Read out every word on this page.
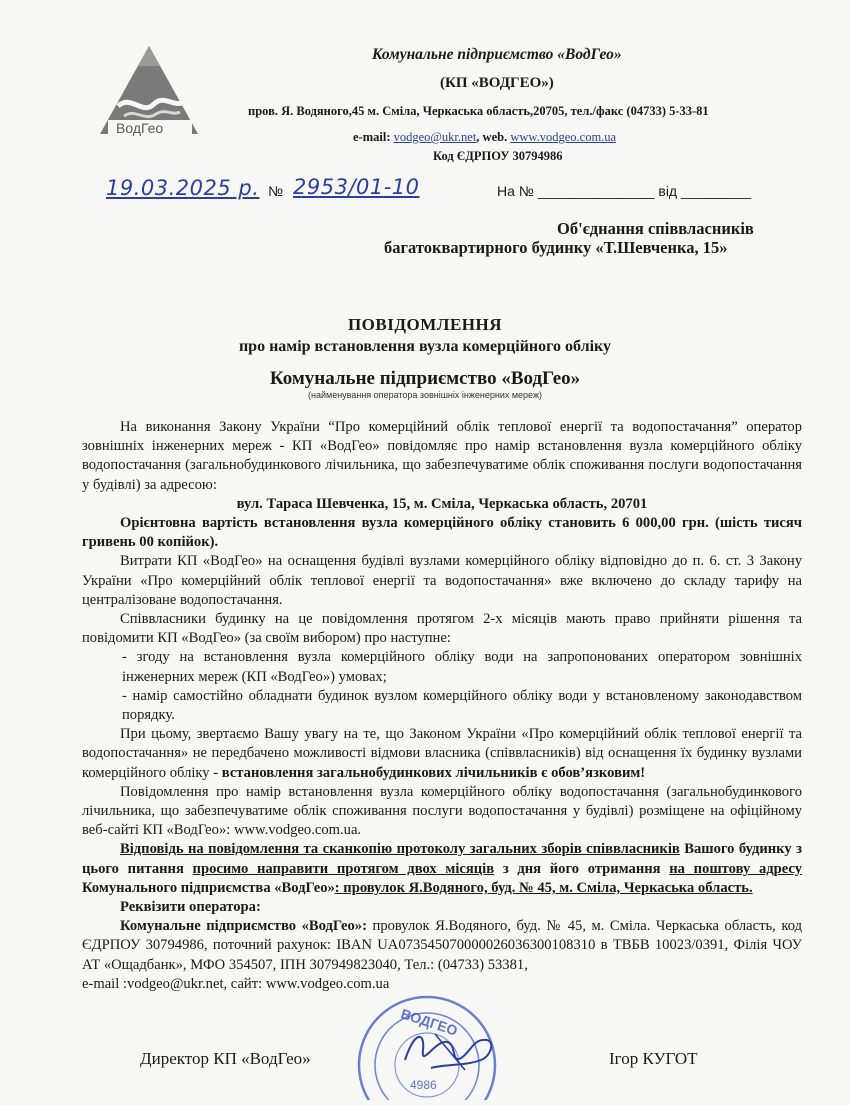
ВодГео
Комунальне підприємство «ВодГео»
(КП «ВОДГЕО»)
пров. Я. Водяного,45 м. Сміла, Черкаська область,20705, тел./факс (04733) 5-33-81
e-mail: vodgeo@ukr.net, web. www.vodgeo.com.ua
Код ЄДРПОУ 30794986
19.03.2025 р. № 2953/01-10	На № _______________ від _________
Об'єднання співвласників
багатоквартирного будинку «Т.Шевченка, 15»
ПОВІДОМЛЕННЯ
про намір встановлення вузла комерційного обліку
Комунальне підприємство «ВодГео»
(найменування оператора зовнішніх інженерних мереж)

На виконання Закону України “Про комерційний облік теплової енергії та водопостачання” оператор зовнішніх інженерних мереж - КП «ВодГео» повідомляє про намір встановлення вузла комерційного обліку водопостачання (загальнобудинкового лічильника, що забезпечуватиме облік споживання послуги водопостачання у будівлі) за адресою:

вул. Тараса Шевченка, 15, м. Сміла, Черкаська область, 20701

Орієнтовна вартість встановлення вузла комерційного обліку становить 6 000,00 грн. (шість тисяч гривень 00 копійок).

Витрати КП «ВодГео» на оснащення будівлі вузлами комерційного обліку відповідно до п. 6. ст. 3 Закону України «Про комерційний облік теплової енергії та водопостачання» вже включено до складу тарифу на централізоване водопостачання.

Співвласники будинку на це повідомлення протягом 2-х місяців мають право прийняти рішення та повідомити КП «ВодГео» (за своїм вибором) про наступне:

- згоду на встановлення вузла комерційного обліку води на запропонованих оператором зовнішніх інженерних мереж (КП «ВодГео») умовах;

- намір самостійно обладнати будинок вузлом комерційного обліку води у встановленому законодавством порядку.

При цьому, звертаємо Вашу увагу на те, що Законом України «Про комерційний облік теплової енергії та водопостачання» не передбачено можливості відмови власника (співвласників) від оснащення їх будинку вузлами комерційного обліку - встановлення загальнобудинкових лічильників є обов’язковим!

Повідомлення про намір встановлення вузла комерційного обліку водопостачання (загальнобудинкового лічильника, що забезпечуватиме облік споживання послуги водопостачання у будівлі) розміщене на офіційному веб-сайті КП «ВодГео»: www.vodgeo.com.ua.

Відповідь на повідомлення та сканкопію протоколу загальних зборів співвласників Вашого будинку з цього питання просимо направити протягом двох місяців з дня його отримання на поштову адресу Комунального підприємства «ВодГео»: провулок Я.Водяного, буд. № 45, м. Сміла, Черкаська область.

Реквізити оператора:

Комунальне підприємство «ВодГео»: провулок Я.Водяного, буд. № 45, м. Сміла. Черкаська область, код ЄДРПОУ 30794986, поточний рахунок: IBAN UA073545070000026036300108310 в ТВБВ 10023/0391, Філія ЧОУ АТ «Ощадбанк», МФО 354507, ІПН 307949823040, Тел.: (04733) 53381,

e-mail :vodgeo@ukr.net, сайт: www.vodgeo.com.ua

ВОДГЕО
4986
Директор КП «ВодГео»	Ігор КУГОТ
